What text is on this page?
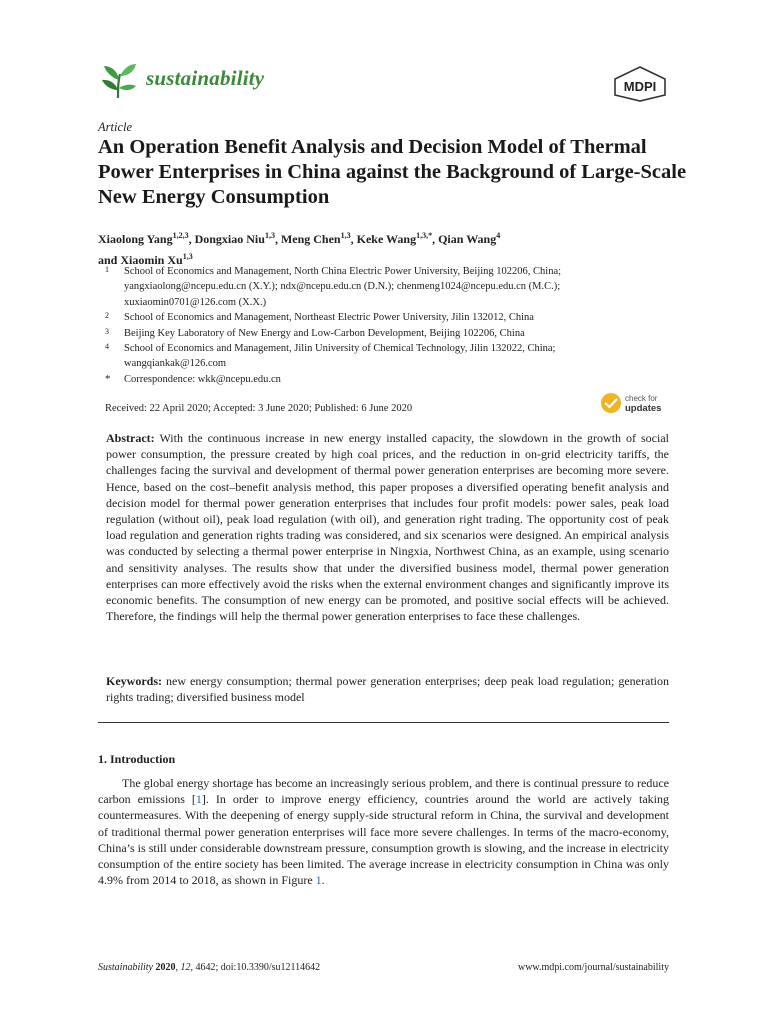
sustainability	MDPI
Article
An Operation Benefit Analysis and Decision Model of Thermal Power Enterprises in China against the Background of Large-Scale New Energy Consumption
Xiaolong Yang$^{1,2,3}$, Dongxiao Niu$^{1,3}$, Meng Chen$^{1,3}$, Keke Wang$^{1,3,*}$, Qian Wang$^4$
and Xiaomin Xu$^{1,3}$
1 School of Economics and Management, North China Electric Power University, Beijing 102206, China;
yangxiaolong@ncepu.edu.cn (X.Y.); ndx@ncepu.edu.cn (D.N.); chenmeng1024@ncepu.edu.cn (M.C.);
xuxiaomin0701@126.com (X.X.)
2 School of Economics and Management, Northeast Electric Power University, Jilin 132012, China
3 Beijing Key Laboratory of New Energy and Low-Carbon Development, Beijing 102206, China
4 School of Economics and Management, Jilin University of Chemical Technology, Jilin 132022, China;
wangqiankak@126.com
* Correspondence: wkk@ncepu.edu.cn
Received: 22 April 2020; Accepted: 3 June 2020; Published: 6 June 2020
check for
updates
Abstract: With the continuous increase in new energy installed capacity, the slowdown in the growth of social power consumption, the pressure created by high coal prices, and the reduction in on-grid electricity tariffs, the challenges facing the survival and development of thermal power generation enterprises are becoming more severe. Hence, based on the cost–benefit analysis method, this paper proposes a diversified operating benefit analysis and decision model for thermal power generation enterprises that includes four profit models: power sales, peak load regulation (without oil), peak load regulation (with oil), and generation right trading. The opportunity cost of peak load regulation and generation rights trading was considered, and six scenarios were designed. An empirical analysis was conducted by selecting a thermal power enterprise in Ningxia, Northwest China, as an example, using scenario and sensitivity analyses. The results show that under the diversified business model, thermal power generation enterprises can more effectively avoid the risks when the external environment changes and significantly improve its economic benefits. The consumption of new energy can be promoted, and positive social effects will be achieved. Therefore, the findings will help the thermal power generation enterprises to face these challenges.
Keywords: new energy consumption; thermal power generation enterprises; deep peak load regulation; generation rights trading; diversified business model
1. Introduction
The global energy shortage has become an increasingly serious problem, and there is continual pressure to reduce carbon emissions [1]. In order to improve energy efficiency, countries around the world are actively taking countermeasures. With the deepening of energy supply-side structural reform in China, the survival and development of traditional thermal power generation enterprises will face more severe challenges. In terms of the macro-economy, China’s is still under considerable downstream pressure, consumption growth is slowing, and the increase in electricity consumption of the entire society has been limited. The average increase in electricity consumption in China was only 4.9% from 2014 to 2018, as shown in Figure 1.
Sustainability 2020, 12, 4642; doi:10.3390/su12114642	www.mdpi.com/journal/sustainability
